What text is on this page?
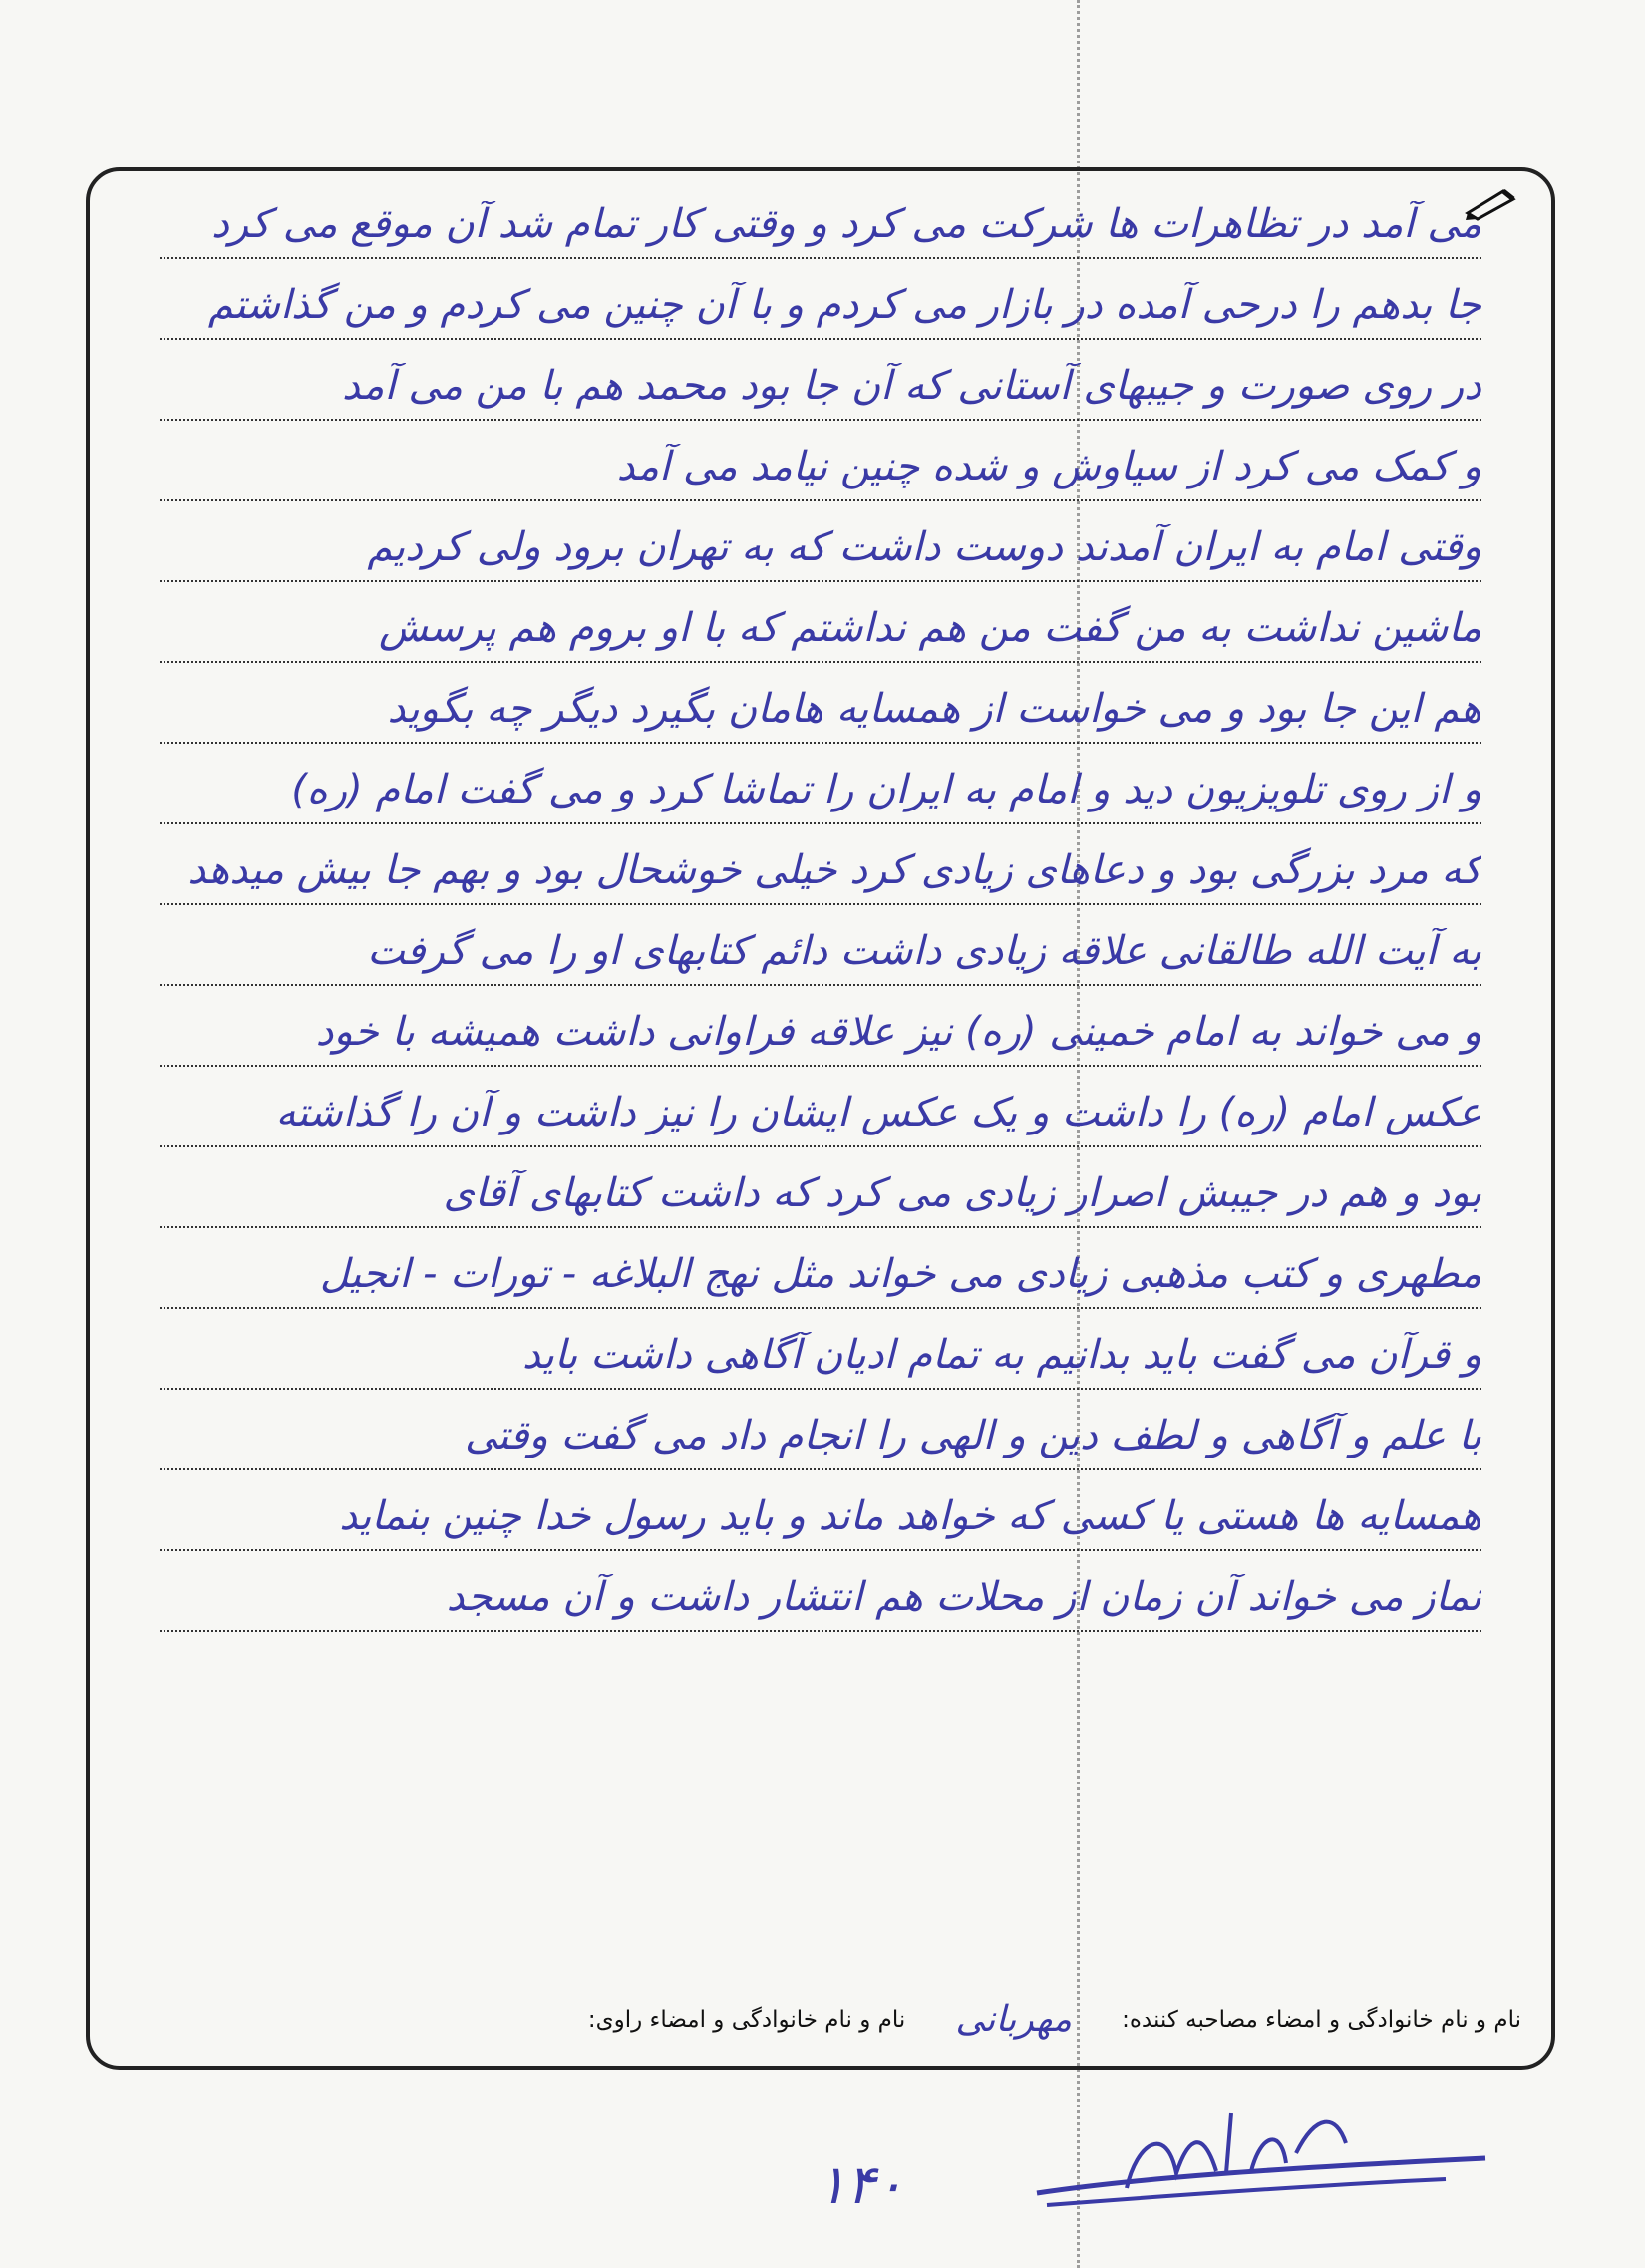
می آمد در تظاهرات ها شرکت می کرد و وقتی کار تمام شد آن موقع می کرد
جا بدهم را درحی آمده در بازار می کردم و با آن چنین می کردم و من گذاشتم
در روی صورت و جیبهای آستانی که آن جا بود محمد هم با من می آمد
و کمک می کرد از سیاوش و شده چنین نیامد می آمد
وقتی امام به ایران آمدند دوست داشت که به تهران برود ولی کردیم
ماشین نداشت به من گفت من هم نداشتم که با او بروم هم پرسش
هم این جا بود و می خواست از همسایه هامان بگیرد دیگر چه بگوید
و از روی تلویزیون دید و امام به ایران را تماشا کرد و می گفت امام (ره)
که مرد بزرگی بود و دعاهای زیادی کرد خیلی خوشحال بود و بهم جا بیش میدهد
به آیت الله طالقانی علاقه زیادی داشت دائم کتابهای او را می گرفت
و می خواند به امام خمینی (ره) نیز علاقه فراوانی داشت همیشه با خود
عکس امام (ره) را داشت و یک عکس ایشان را نیز داشت و آن را گذاشته
بود و هم در جیبش اصرار زیادی می کرد که داشت کتابهای آقای
مطهری و کتب مذهبی زیادی می خواند مثل نهج البلاغه - تورات - انجیل
و قرآن می گفت باید بدانیم به تمام ادیان آگاهی داشت باید
با علم و آگاهی و لطف دین و الهی را انجام داد می گفت وقتی
همسایه ها هستی یا کسی که خواهد ماند و باید رسول خدا چنین بنماید
نماز می خواند آن زمان از محلات هم انتشار داشت و آن مسجد
نام و نام خانوادگی و امضاء مصاحبه کننده:
مهربانی
نام و نام خانوادگی و امضاء راوی:
۱۴۰
